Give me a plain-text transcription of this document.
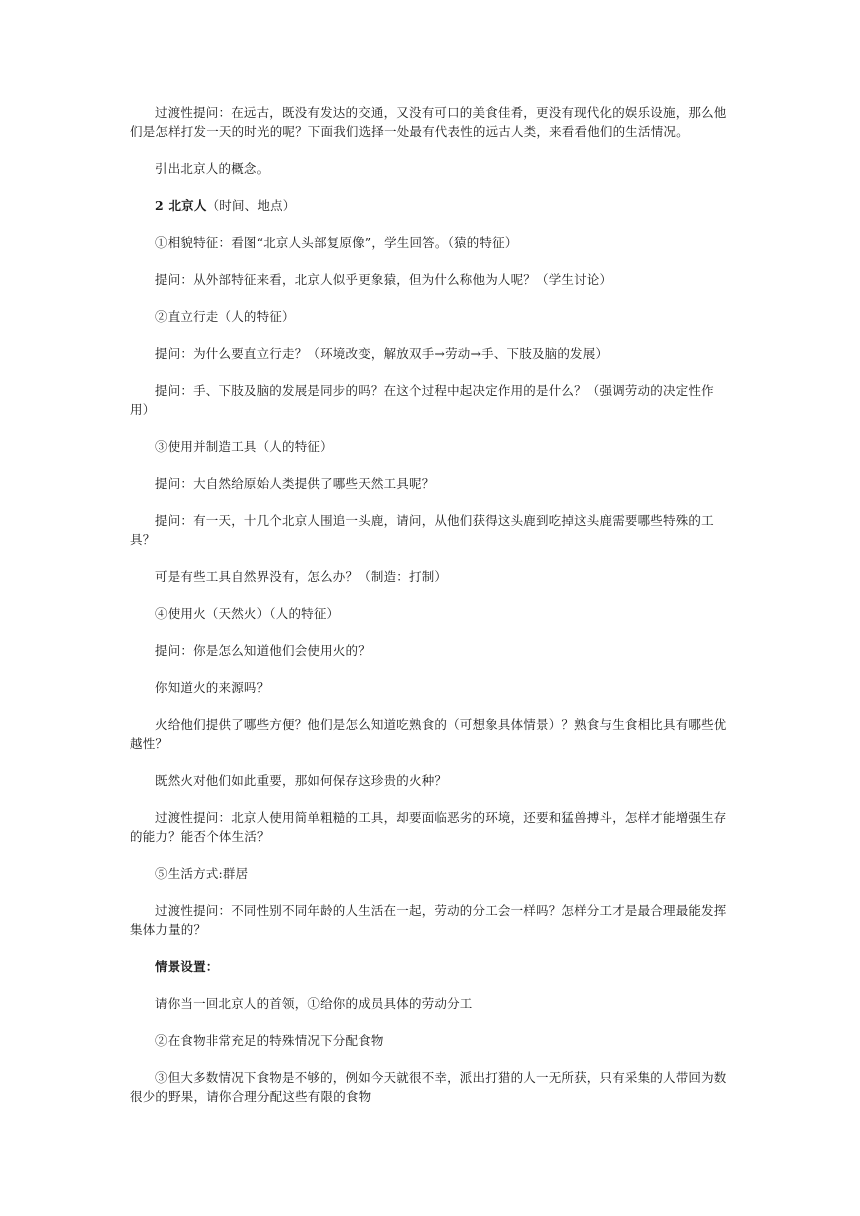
过渡性提问：在远古，既没有发达的交通，又没有可口的美食佳肴，更没有现代化的娱乐设施，那么他们是怎样打发一天的时光的呢？下面我们选择一处最有代表性的远古人类，来看看他们的生活情况。

引出北京人的概念。

2 北京人（时间、地点）

①相貌特征：看图“北京人头部复原像”，学生回答。（猿的特征）

提问：从外部特征来看，北京人似乎更象猿，但为什么称他为人呢？（学生讨论）

②直立行走（人的特征）

提问：为什么要直立行走？（环境改变，解放双手→劳动→手、下肢及脑的发展）

提问：手、下肢及脑的发展是同步的吗？在这个过程中起决定作用的是什么？（强调劳动的决定性作用）

③使用并制造工具（人的特征）

提问：大自然给原始人类提供了哪些天然工具呢？

提问：有一天，十几个北京人围追一头鹿，请问，从他们获得这头鹿到吃掉这头鹿需要哪些特殊的工具？

可是有些工具自然界没有，怎么办？（制造：打制）

④使用火（天然火）（人的特征）

提问：你是怎么知道他们会使用火的？

你知道火的来源吗？

火给他们提供了哪些方便？他们是怎么知道吃熟食的（可想象具体情景）？熟食与生食相比具有哪些优越性？

既然火对他们如此重要，那如何保存这珍贵的火种？

过渡性提问：北京人使用简单粗糙的工具，却要面临恶劣的环境，还要和猛兽搏斗，怎样才能增强生存的能力？能否个体生活？

⑤生活方式:群居

过渡性提问：不同性别不同年龄的人生活在一起，劳动的分工会一样吗？怎样分工才是最合理最能发挥集体力量的？

情景设置：

请你当一回北京人的首领，①给你的成员具体的劳动分工

②在食物非常充足的特殊情况下分配食物

③但大多数情况下食物是不够的，例如今天就很不幸，派出打猎的人一无所获，只有采集的人带回为数很少的野果，请你合理分配这些有限的食物
